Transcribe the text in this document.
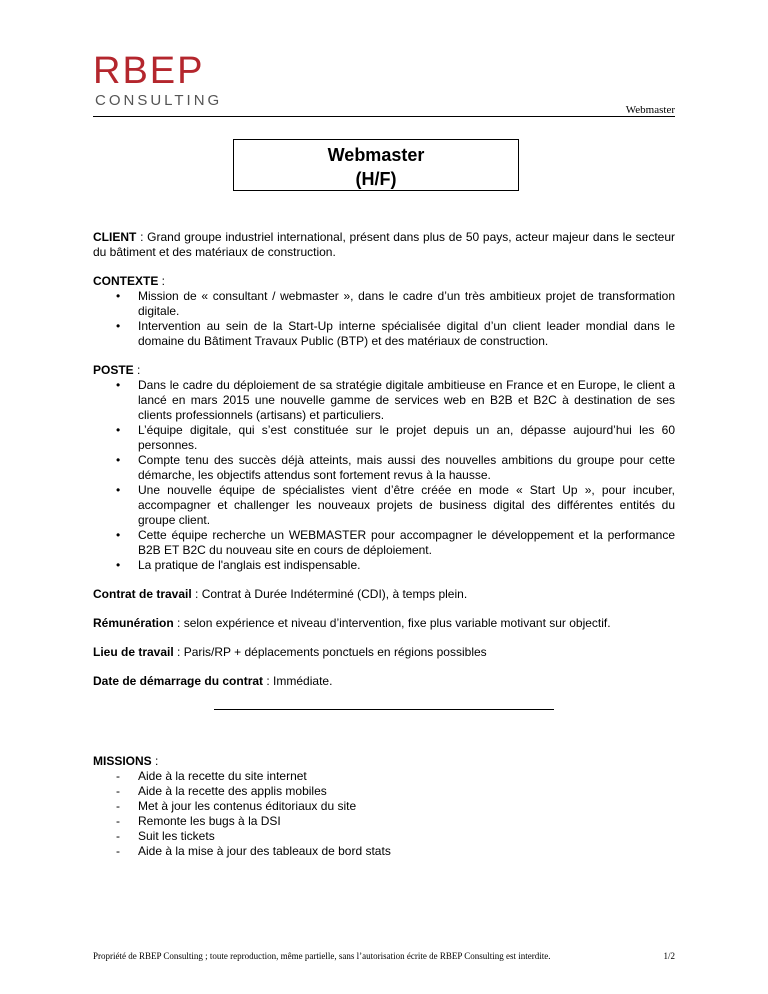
RBEP
CONSULTING
Webmaster
Webmaster
(H/F)

CLIENT : Grand groupe industriel international, présent dans plus de 50 pays, acteur majeur dans le secteur du bâtiment et des matériaux de construction.

CONTEXTE :

• Mission de « consultant / webmaster », dans le cadre d’un très ambitieux projet de transformation digitale.
• Intervention au sein de la Start-Up interne spécialisée digital d’un client leader mondial dans le domaine du Bâtiment Travaux Public (BTP) et des matériaux de construction.

POSTE :

• Dans le cadre du déploiement de sa stratégie digitale ambitieuse en France et en Europe, le client a lancé en mars 2015 une nouvelle gamme de services web en B2B et B2C à destination de ses clients professionnels (artisans) et particuliers.
• L’équipe digitale, qui s’est constituée sur le projet depuis un an, dépasse aujourd’hui les 60 personnes.
• Compte tenu des succès déjà atteints, mais aussi des nouvelles ambitions du groupe pour cette démarche, les objectifs attendus sont fortement revus à la hausse.
• Une nouvelle équipe de spécialistes vient d’être créée en mode « Start Up », pour incuber, accompagner et challenger les nouveaux projets de business digital des différentes entités du groupe client.
• Cette équipe recherche un WEBMASTER pour accompagner le développement et la performance B2B ET B2C du nouveau site en cours de déploiement.
• La pratique de l'anglais est indispensable.

Contrat de travail : Contrat à Durée Indéterminé (CDI), à temps plein.

Rémunération : selon expérience et niveau d’intervention, fixe plus variable motivant sur objectif.

Lieu de travail : Paris/RP + déplacements ponctuels en régions possibles

Date de démarrage du contrat : Immédiate.

MISSIONS :

- Aide à la recette du site internet
- Aide à la recette des applis mobiles
- Met à jour les contenus éditoriaux du site
- Remonte les bugs à la DSI
- Suit les tickets
- Aide à la mise à jour des tableaux de bord stats
Propriété de RBEP Consulting ; toute reproduction, même partielle, sans l’autorisation écrite de RBEP Consulting est interdite.	1/2
